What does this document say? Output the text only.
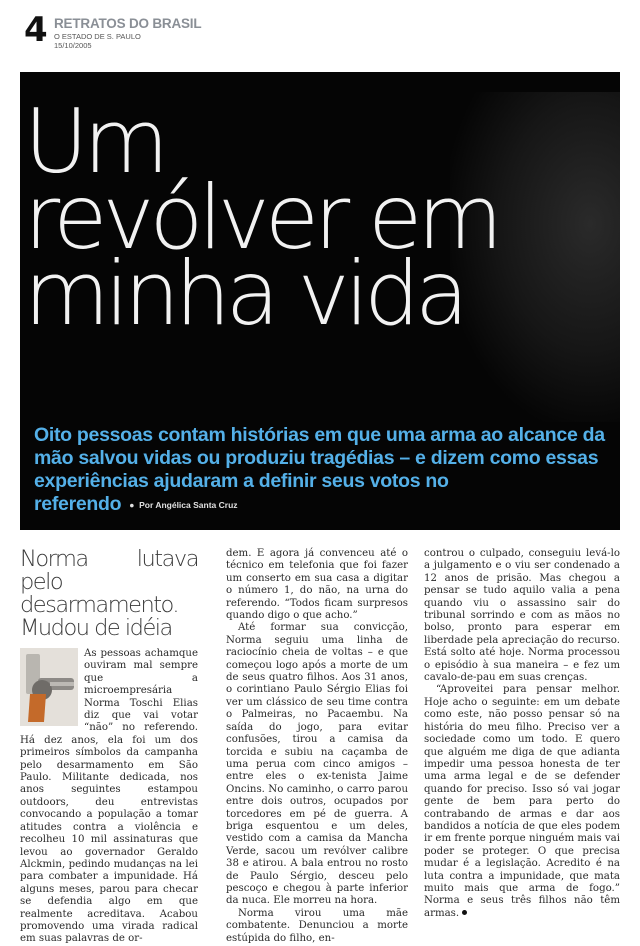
4 RETRATOS DO BRASIL
O ESTADO DE S. PAULO
15/10/2005
Um
revólver em
minha vida
Oito pessoas contam histórias em que uma arma ao alcance da mão salvou vidas ou produziu tragédias – e dizem como essas experiências ajudaram a definir seus votos no referendo ●  Por Angélica Santa Cruz
Norma lutava pelo desarmamento. Mudou de idéia

As pessoas achamque ouviram mal sempre que a microempresária Norma Toschi Elias diz que vai votar “não” no referendo. Há dez anos, ela foi um dos primeiros símbolos da campanha pelo desarmamento em São Paulo. Militante dedicada, nos anos seguintes estampou outdoors, deu entrevistas convocando a população a tomar atitudes contra a violência e recolheu 10 mil assinaturas que levou ao governador Geraldo Alckmin, pedindo mudanças na lei para combater a impunidade. Há alguns meses, parou para checar se defendia algo em que realmente acreditava. Acabou promovendo uma virada radical em suas palavras de or-

dem. E agora já convenceu até o técnico em telefonia que foi fazer um conserto em sua casa a digitar o número 1, do não, na urna do referendo. “Todos ficam surpresos quando digo o que acho.”

Até formar sua convicção, Norma seguiu uma linha de raciocínio cheia de voltas – e que começou logo após a morte de um de seus quatro filhos. Aos 31 anos, o corintiano Paulo Sérgio Elias foi ver um clássico de seu time contra o Palmeiras, no Pacaembu. Na saída do jogo, para evitar confusões, tirou a camisa da torcida e subiu na caçamba de uma perua com cinco amigos – entre eles o ex-tenista Jaime Oncins. No caminho, o carro parou entre dois outros, ocupados por torcedores em pé de guerra. A briga esquentou e um deles, vestido com a camisa da Mancha Verde, sacou um revólver calibre 38 e atirou. A bala entrou no rosto de Paulo Sérgio, desceu pelo pescoço e chegou à parte inferior da nuca. Ele morreu na hora.

Norma virou uma mãe combatente. Denunciou a morte estúpida do filho, en-

controu o culpado, conseguiu levá-lo a julgamento e o viu ser condenado a 12 anos de prisão. Mas chegou a pensar se tudo aquilo valia a pena quando viu o assassino sair do tribunal sorrindo e com as mãos no bolso, pronto para esperar em liberdade pela apreciação do recurso. Está solto até hoje. Norma processou o episódio à sua maneira – e fez um cavalo-de-pau em suas crenças.

“Aproveitei para pensar melhor. Hoje acho o seguinte: em um debate como este, não posso pensar só na história do meu filho. Preciso ver a sociedade como um todo. E quero que alguém me diga de que adianta impedir uma pessoa honesta de ter uma arma legal e de se defender quando for preciso. Isso só vai jogar gente de bem para perto do contrabando de armas e dar aos bandidos a notícia de que eles podem ir em frente porque ninguém mais vai poder se proteger. O que precisa mudar é a legislação. Acredito é na luta contra a impunidade, que mata muito mais que arma de fogo.” Norma e seus três filhos não têm armas.
